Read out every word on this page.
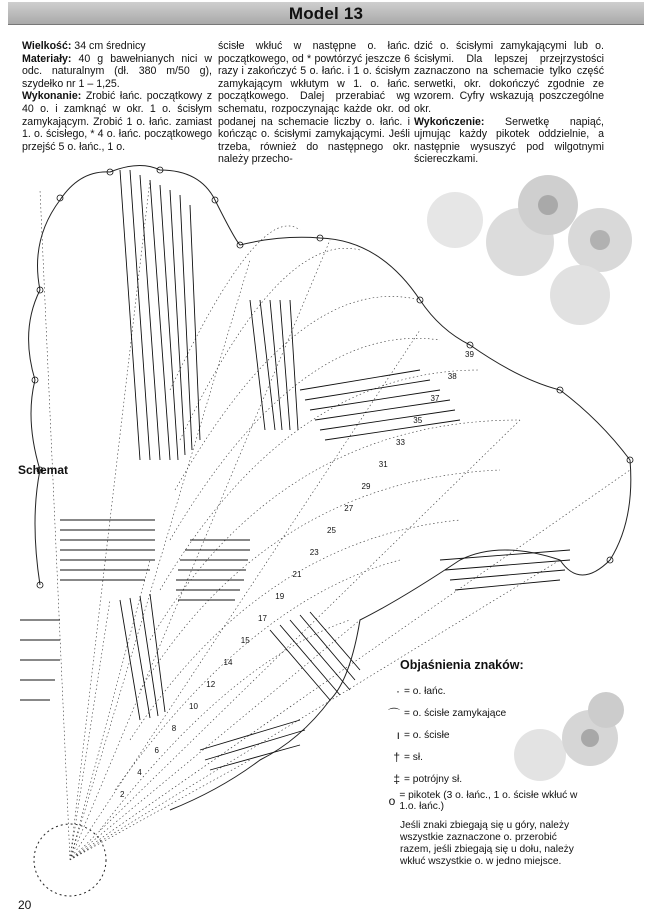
Model 13

Wielkość: 34 cm średnicy

Materiały: 40 g bawełnianych nici w odc. naturalnym (dł. 380 m/50 g), szydełko nr 1 – 1,25.

Wykonanie: Zrobić łańc. początkowy z 40 o. i zamknąć w okr. 1 o. ścisłym zamykającym. Zrobić 1 o. łańc. zamiast 1. o. ścisłego, * 4 o. łańc. początkowego przejść 5 o. łańc., 1 o.

ścisłe wkłuć w następne o. łańc. początkowego, od * powtórzyć jeszcze 6 razy i zakończyć 5 o. łańc. i 1 o. ścisłym zamykającym wkłutym w 1. o. łańc. początkowego. Dalej przerabiać wg schematu, rozpoczynając każde okr. od podanej na schemacie liczby o. łańc. i kończąc o. ścisłymi zamykającymi. Jeśli trzeba, również do następnego okr. należy przecho-

dzić o. ścisłymi zamykającymi lub o. ścisłymi. Dla lepszej przejrzystości zaznaczono na schemacie tylko część serwetki, okr. dokończyć zgodnie ze wzorem. Cyfry wskazują poszczególne okr.

Wykończenie: Serwetkę napiąć, ujmując każdy pikotek oddzielnie, a następnie wysuszyć pod wilgotnymi ściereczkami.

Schemat
2
4
6
8
10
12
14
15
17
19
21
23
25
27
29
31
33
35
37
38
39
Objaśnienia znaków:
· = o. łańc.
⌒ = o. ścisłe zamykające
ı = o. ścisłe
† = sł.
‡ = potrójny sł.
o = pikotek (3 o. łańc., 1 o. ścisłe wkłuć w 1.o. łańc.)
Jeśli znaki zbiegają się u góry, należy wszystkie zaznaczone o. przerobić razem, jeśli zbiegają się u dołu, należy wkłuć wszystkie o. w jedno miejsce.
20
